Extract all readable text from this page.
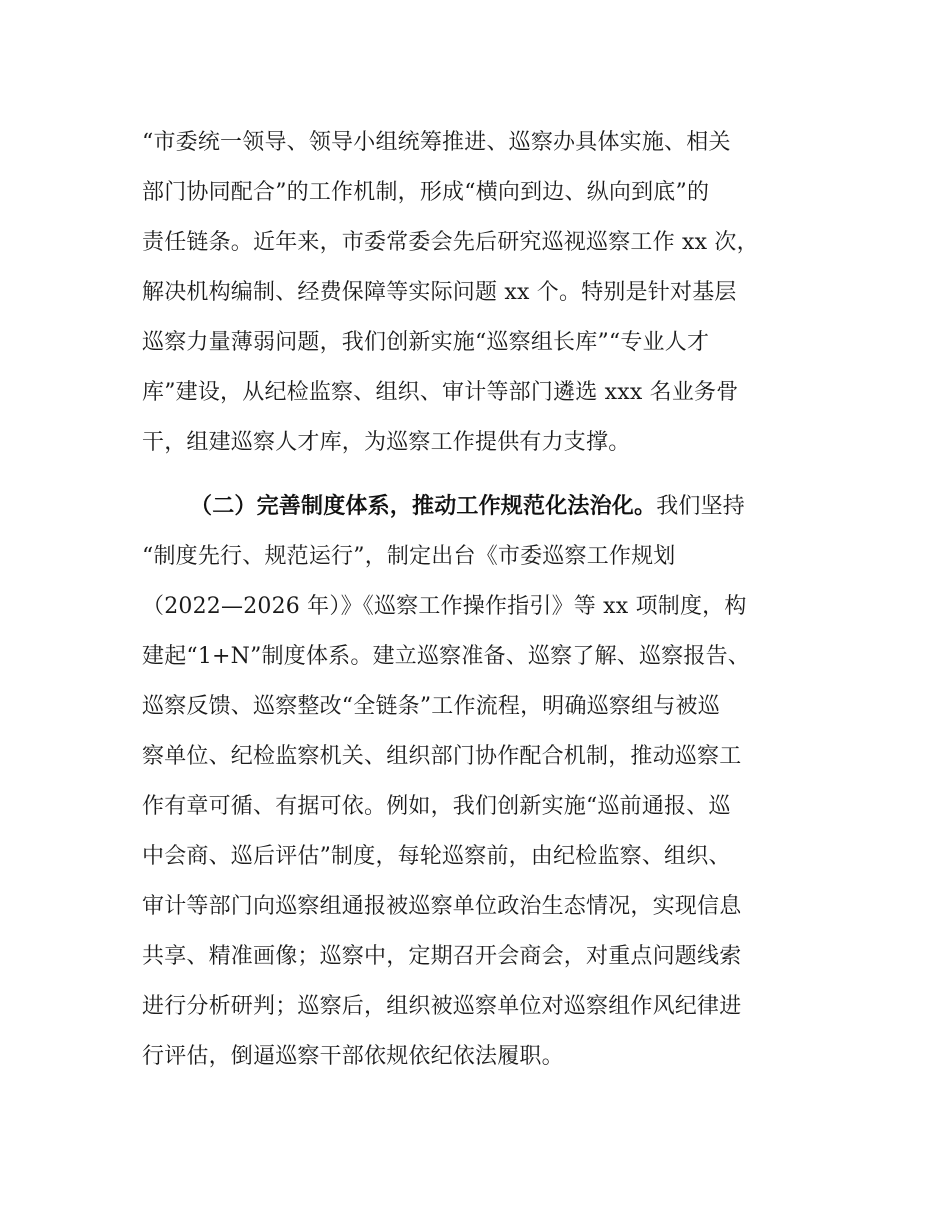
“市委统一领导、领导小组统筹推进、巡察办具体实施、相关

部门协同配合”的工作机制，形成“横向到边、纵向到底”的

责任链条。近年来，市委常委会先后研究巡视巡察工作 xx 次，

解决机构编制、经费保障等实际问题 xx 个。特别是针对基层

巡察力量薄弱问题，我们创新实施“巡察组长库”“专业人才

库”建设，从纪检监察、组织、审计等部门遴选 xxx 名业务骨

干，组建巡察人才库，为巡察工作提供有力支撑。

（二）完善制度体系，推动工作规范化法治化。我们坚持

“制度先行、规范运行”，制定出台《市委巡察工作规划

（2022—2026 年）》《巡察工作操作指引》等 xx 项制度，构

建起“1+N”制度体系。建立巡察准备、巡察了解、巡察报告、

巡察反馈、巡察整改“全链条”工作流程，明确巡察组与被巡

察单位、纪检监察机关、组织部门协作配合机制，推动巡察工

作有章可循、有据可依。例如，我们创新实施“巡前通报、巡

中会商、巡后评估”制度，每轮巡察前，由纪检监察、组织、

审计等部门向巡察组通报被巡察单位政治生态情况，实现信息

共享、精准画像；巡察中，定期召开会商会，对重点问题线索

进行分析研判；巡察后，组织被巡察单位对巡察组作风纪律进

行评估，倒逼巡察干部依规依纪依法履职。
